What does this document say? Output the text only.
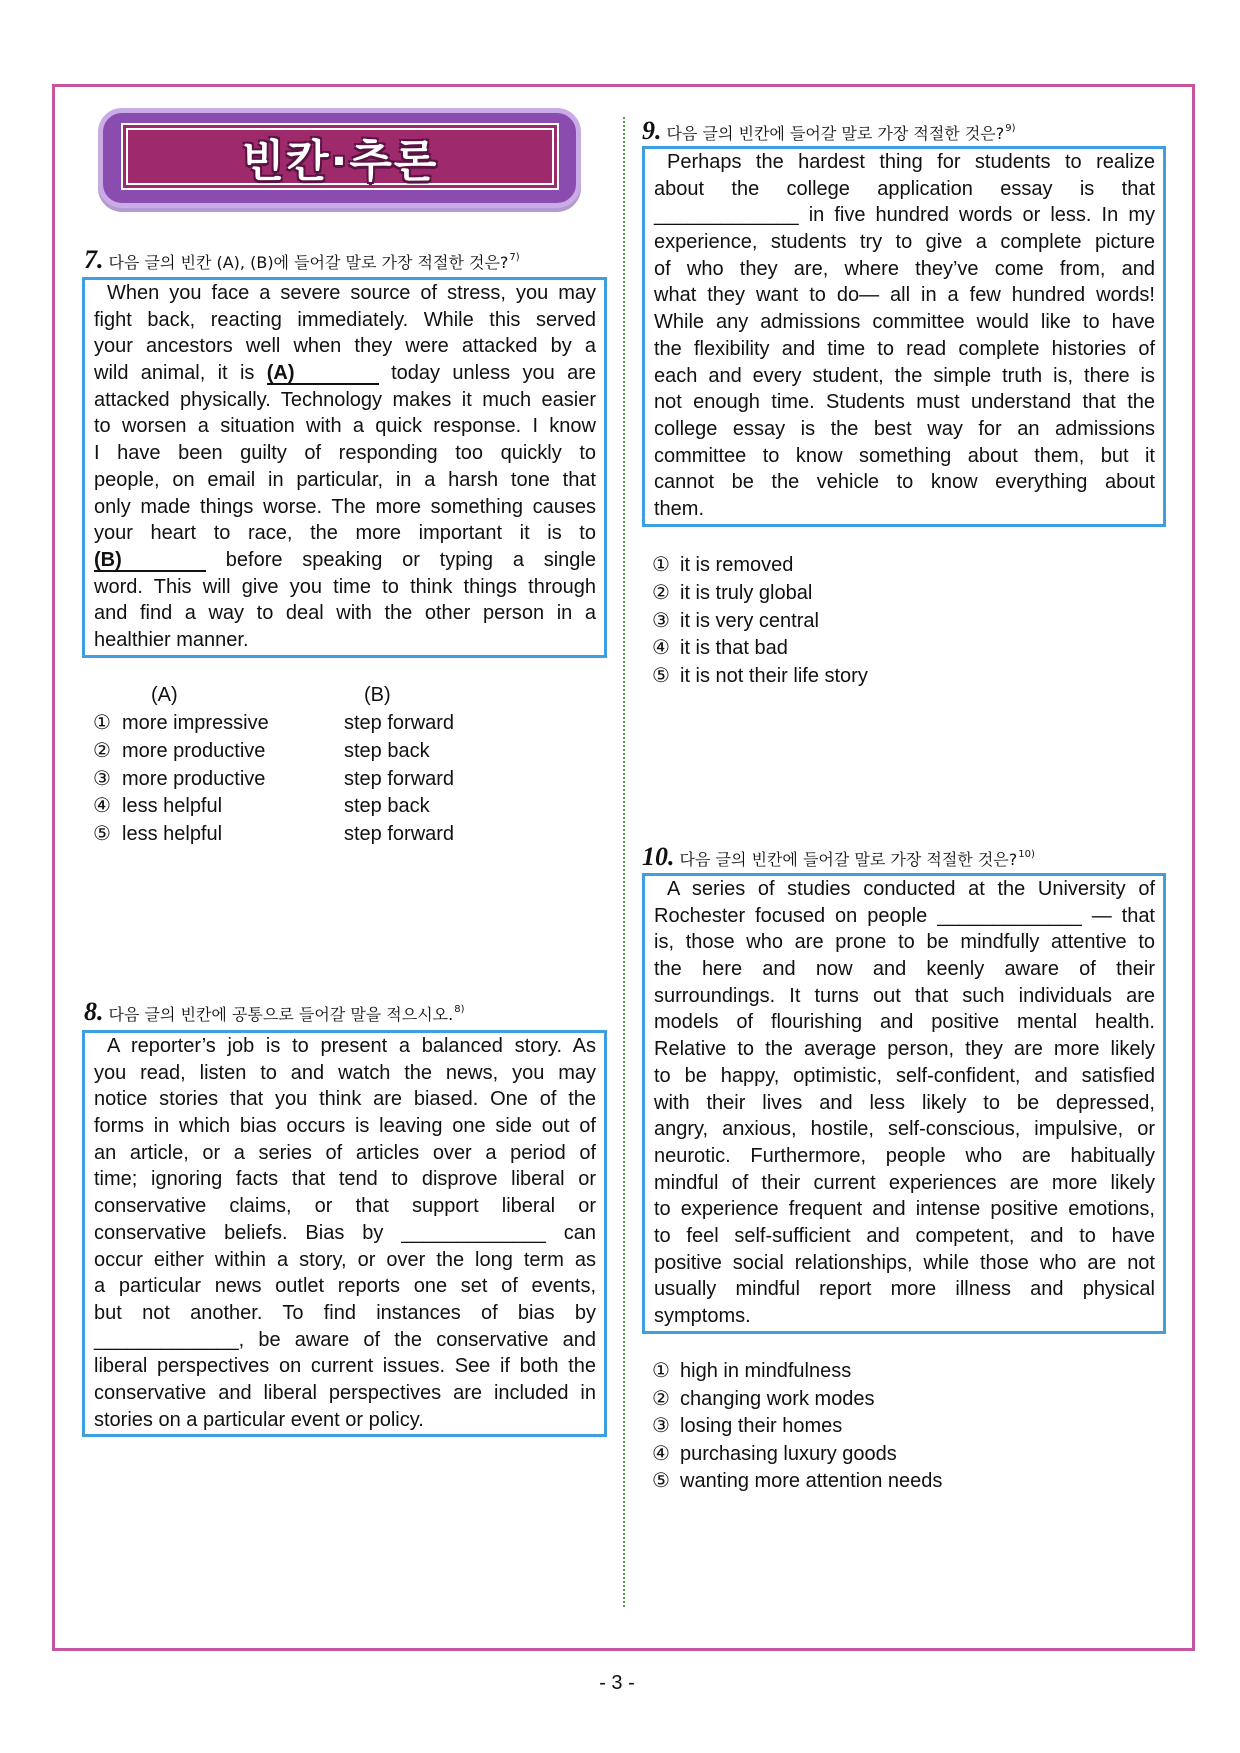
빈칸·추론
7. 다음 글의 빈칸 (A), (B)에 들어갈 말로 가장 적절한 것은? 7)
When you face a severe source of stress, you may
fight back, reacting immediately. While this served
your ancestors well when they were attacked by a
wild animal, it is (A)	today unless you are
attacked physically. Technology makes it much easier
to worsen a situation with a quick response. I know
I have been guilty of responding too quickly to
people, on email in particular, in a harsh tone that
only made things worse. The more something causes
your heart to race, the more important it is to
(B)	before speaking or typing a single
word. This will give you time to think things through
and find a way to deal with the other person in a
healthier manner.
(A)	(B)
① more impressive	step forward
② more productive	step back
③ more productive	step forward
④ less helpful	step back
⑤ less helpful	step forward
8. 다음 글의 빈칸에 공통으로 들어갈 말을 적으시오. 8)
A reporter’s job is to present a balanced story. As
you read, listen to and watch the news, you may
notice stories that you think are biased. One of the
forms in which bias occurs is leaving one side out of
an article, or a series of articles over a period of
time; ignoring facts that tend to disprove liberal or
conservative claims, or that support liberal or
conservative beliefs. Bias by _____________ can
occur either within a story, or over the long term as
a particular news outlet reports one set of events,
but not another. To find instances of bias by
_____________, be aware of the conservative and
liberal perspectives on current issues. See if both the
conservative and liberal perspectives are included in
stories on a particular event or policy.
9. 다음 글의 빈칸에 들어갈 말로 가장 적절한 것은? 9)
Perhaps the hardest thing for students to realize
about the college application essay is that
_____________ in five hundred words or less. In my
experience, students try to give a complete picture
of who they are, where they’ve come from, and
what they want to do— all in a few hundred words!
While any admissions committee would like to have
the flexibility and time to read complete histories of
each and every student, the simple truth is, there is
not enough time. Students must understand that the
college essay is the best way for an admissions
committee to know something about them, but it
cannot be the vehicle to know everything about
them.
① it is removed
② it is truly global
③ it is very central
④ it is that bad
⑤ it is not their life story
10. 다음 글의 빈칸에 들어갈 말로 가장 적절한 것은? 10)
A series of studies conducted at the University of
Rochester focused on people _____________ — that
is, those who are prone to be mindfully attentive to
the here and now and keenly aware of their
surroundings. It turns out that such individuals are
models of flourishing and positive mental health.
Relative to the average person, they are more likely
to be happy, optimistic, self-confident, and satisfied
with their lives and less likely to be depressed,
angry, anxious, hostile, self-conscious, impulsive, or
neurotic. Furthermore, people who are habitually
mindful of their current experiences are more likely
to experience frequent and intense positive emotions,
to feel self-sufficient and competent, and to have
positive social relationships, while those who are not
usually mindful report more illness and physical
symptoms.
① high in mindfulness
② changing work modes
③ losing their homes
④ purchasing luxury goods
⑤ wanting more attention needs
- 3 -
